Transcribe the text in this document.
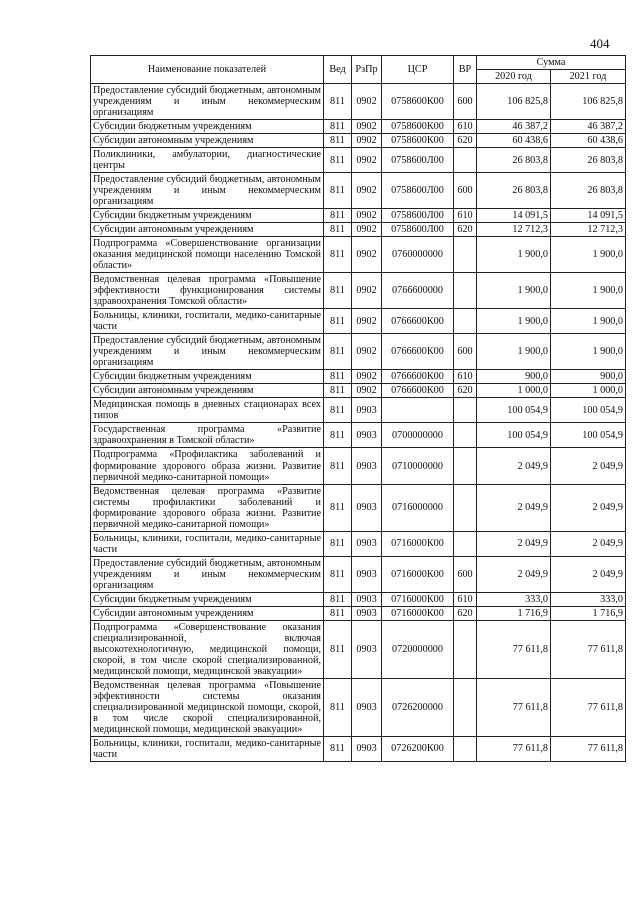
404
Наименование показателей	Вед	РзПр	ЦСР	ВР	Сумма	
					2020 год	2021 год
Предоставление субсидий бюджетным, автономным учреждениям и иным некоммерческим организациям	811	0902	0758600К00	600	106 825,8	106 825,8
Субсидии бюджетным учреждениям	811	0902	0758600К00	610	46 387,2	46 387,2
Субсидии автономным учреждениям	811	0902	0758600К00	620	60 438,6	60 438,6
Поликлиники, амбулатории, диагностические центры	811	0902	0758600Л00		26 803,8	26 803,8
Предоставление субсидий бюджетным, автономным учреждениям и иным некоммерческим организациям	811	0902	0758600Л00	600	26 803,8	26 803,8
Субсидии бюджетным учреждениям	811	0902	0758600Л00	610	14 091,5	14 091,5
Субсидии автономным учреждениям	811	0902	0758600Л00	620	12 712,3	12 712,3
Подпрограмма «Совершенствование организации оказания медицинской помощи населению Томской области»	811	0902	0760000000		1 900,0	1 900,0
Ведомственная целевая программа «Повышение эффективности функционирования системы здравоохранения Томской области»	811	0902	0766600000		1 900,0	1 900,0
Больницы, клиники, госпитали, медико-санитарные части	811	0902	0766600К00		1 900,0	1 900,0
Предоставление субсидий бюджетным, автономным учреждениям и иным некоммерческим организациям	811	0902	0766600К00	600	1 900,0	1 900,0
Субсидии бюджетным учреждениям	811	0902	0766600К00	610	900,0	900,0
Субсидии автономным учреждениям	811	0902	0766600К00	620	1 000,0	1 000,0
Медицинская помощь в дневных стационарах всех типов	811	0903			100 054,9	100 054,9
Государственная программа «Развитие здравоохранения в Томской области»	811	0903	0700000000		100 054,9	100 054,9
Подпрограмма «Профилактика заболеваний и формирование здорового образа жизни. Развитие первичной медико-санитарной помощи»	811	0903	0710000000		2 049,9	2 049,9
Ведомственная целевая программа «Развитие системы профилактики заболеваний и формирование здорового образа жизни. Развитие первичной медико-санитарной помощи»	811	0903	0716000000		2 049,9	2 049,9
Больницы, клиники, госпитали, медико-санитарные части	811	0903	0716000К00		2 049,9	2 049,9
Предоставление субсидий бюджетным, автономным учреждениям и иным некоммерческим организациям	811	0903	0716000К00	600	2 049,9	2 049,9
Субсидии бюджетным учреждениям	811	0903	0716000К00	610	333,0	333,0
Субсидии автономным учреждениям	811	0903	0716000К00	620	1 716,9	1 716,9
Подпрограмма «Совершенствование оказания специализированной, включая высокотехнологичную, медицинской помощи, скорой, в том числе скорой специализированной, медицинской помощи, медицинской эвакуации»	811	0903	0720000000		77 611,8	77 611,8
Ведомственная целевая программа «Повышение эффективности системы оказания специализированной медицинской помощи, скорой, в том числе скорой специализированной, медицинской помощи, медицинской эвакуации»	811	0903	0726200000		77 611,8	77 611,8
Больницы, клиники, госпитали, медико-санитарные части	811	0903	0726200К00		77 611,8	77 611,8
